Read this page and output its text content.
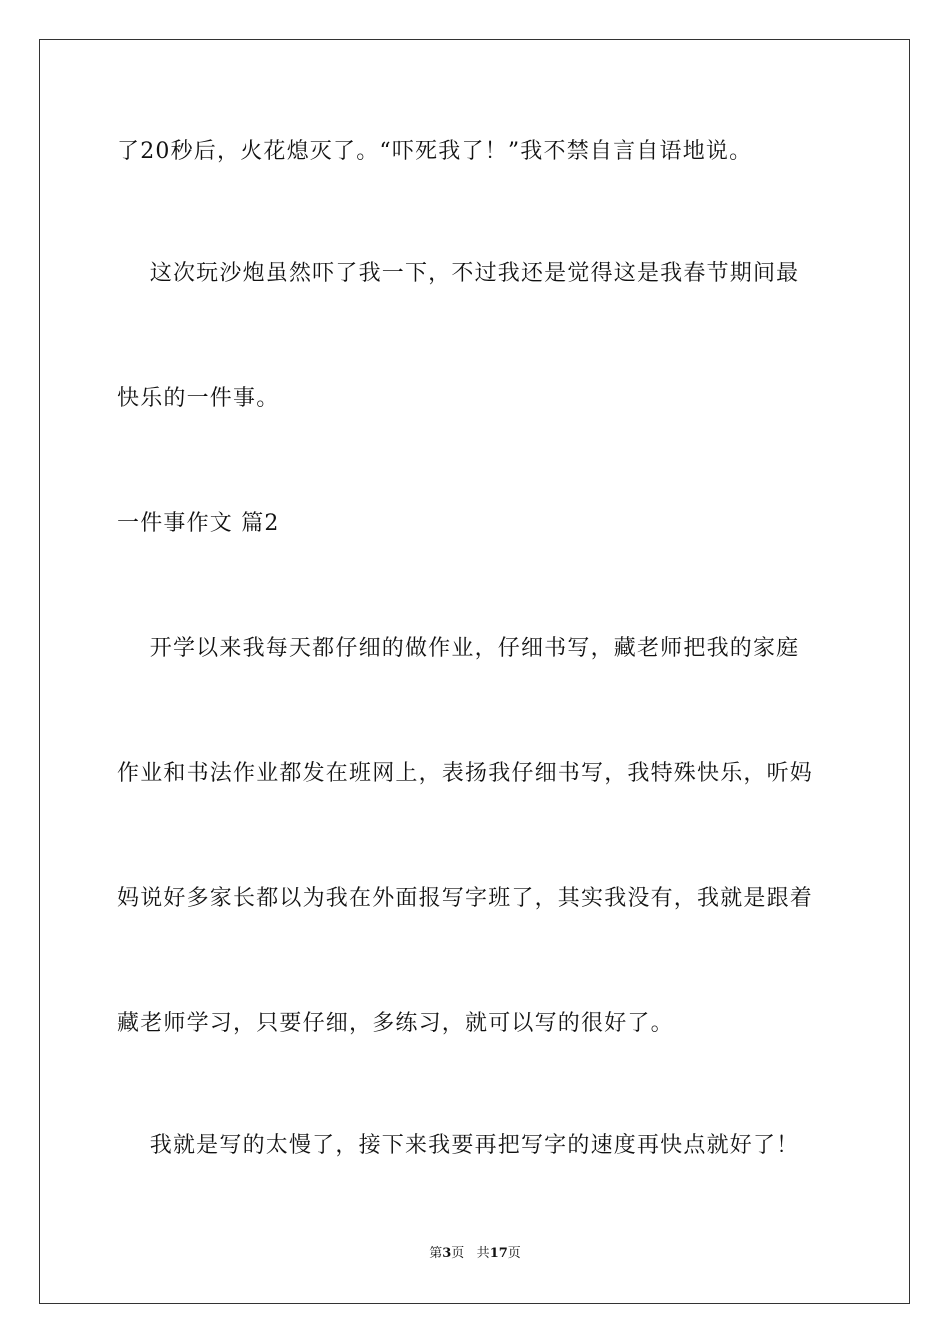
了20秒后，火花熄灭了。“吓死我了！”我不禁自言自语地说。
这次玩沙炮虽然吓了我一下，不过我还是觉得这是我春节期间最
快乐的一件事。
一件事作文 篇2
开学以来我每天都仔细的做作业，仔细书写，藏老师把我的家庭
作业和书法作业都发在班网上，表扬我仔细书写，我特殊快乐，听妈
妈说好多家长都以为我在外面报写字班了，其实我没有，我就是跟着
藏老师学习，只要仔细，多练习，就可以写的很好了。
我就是写的太慢了，接下来我要再把写字的速度再快点就好了！
第3页 共17页
